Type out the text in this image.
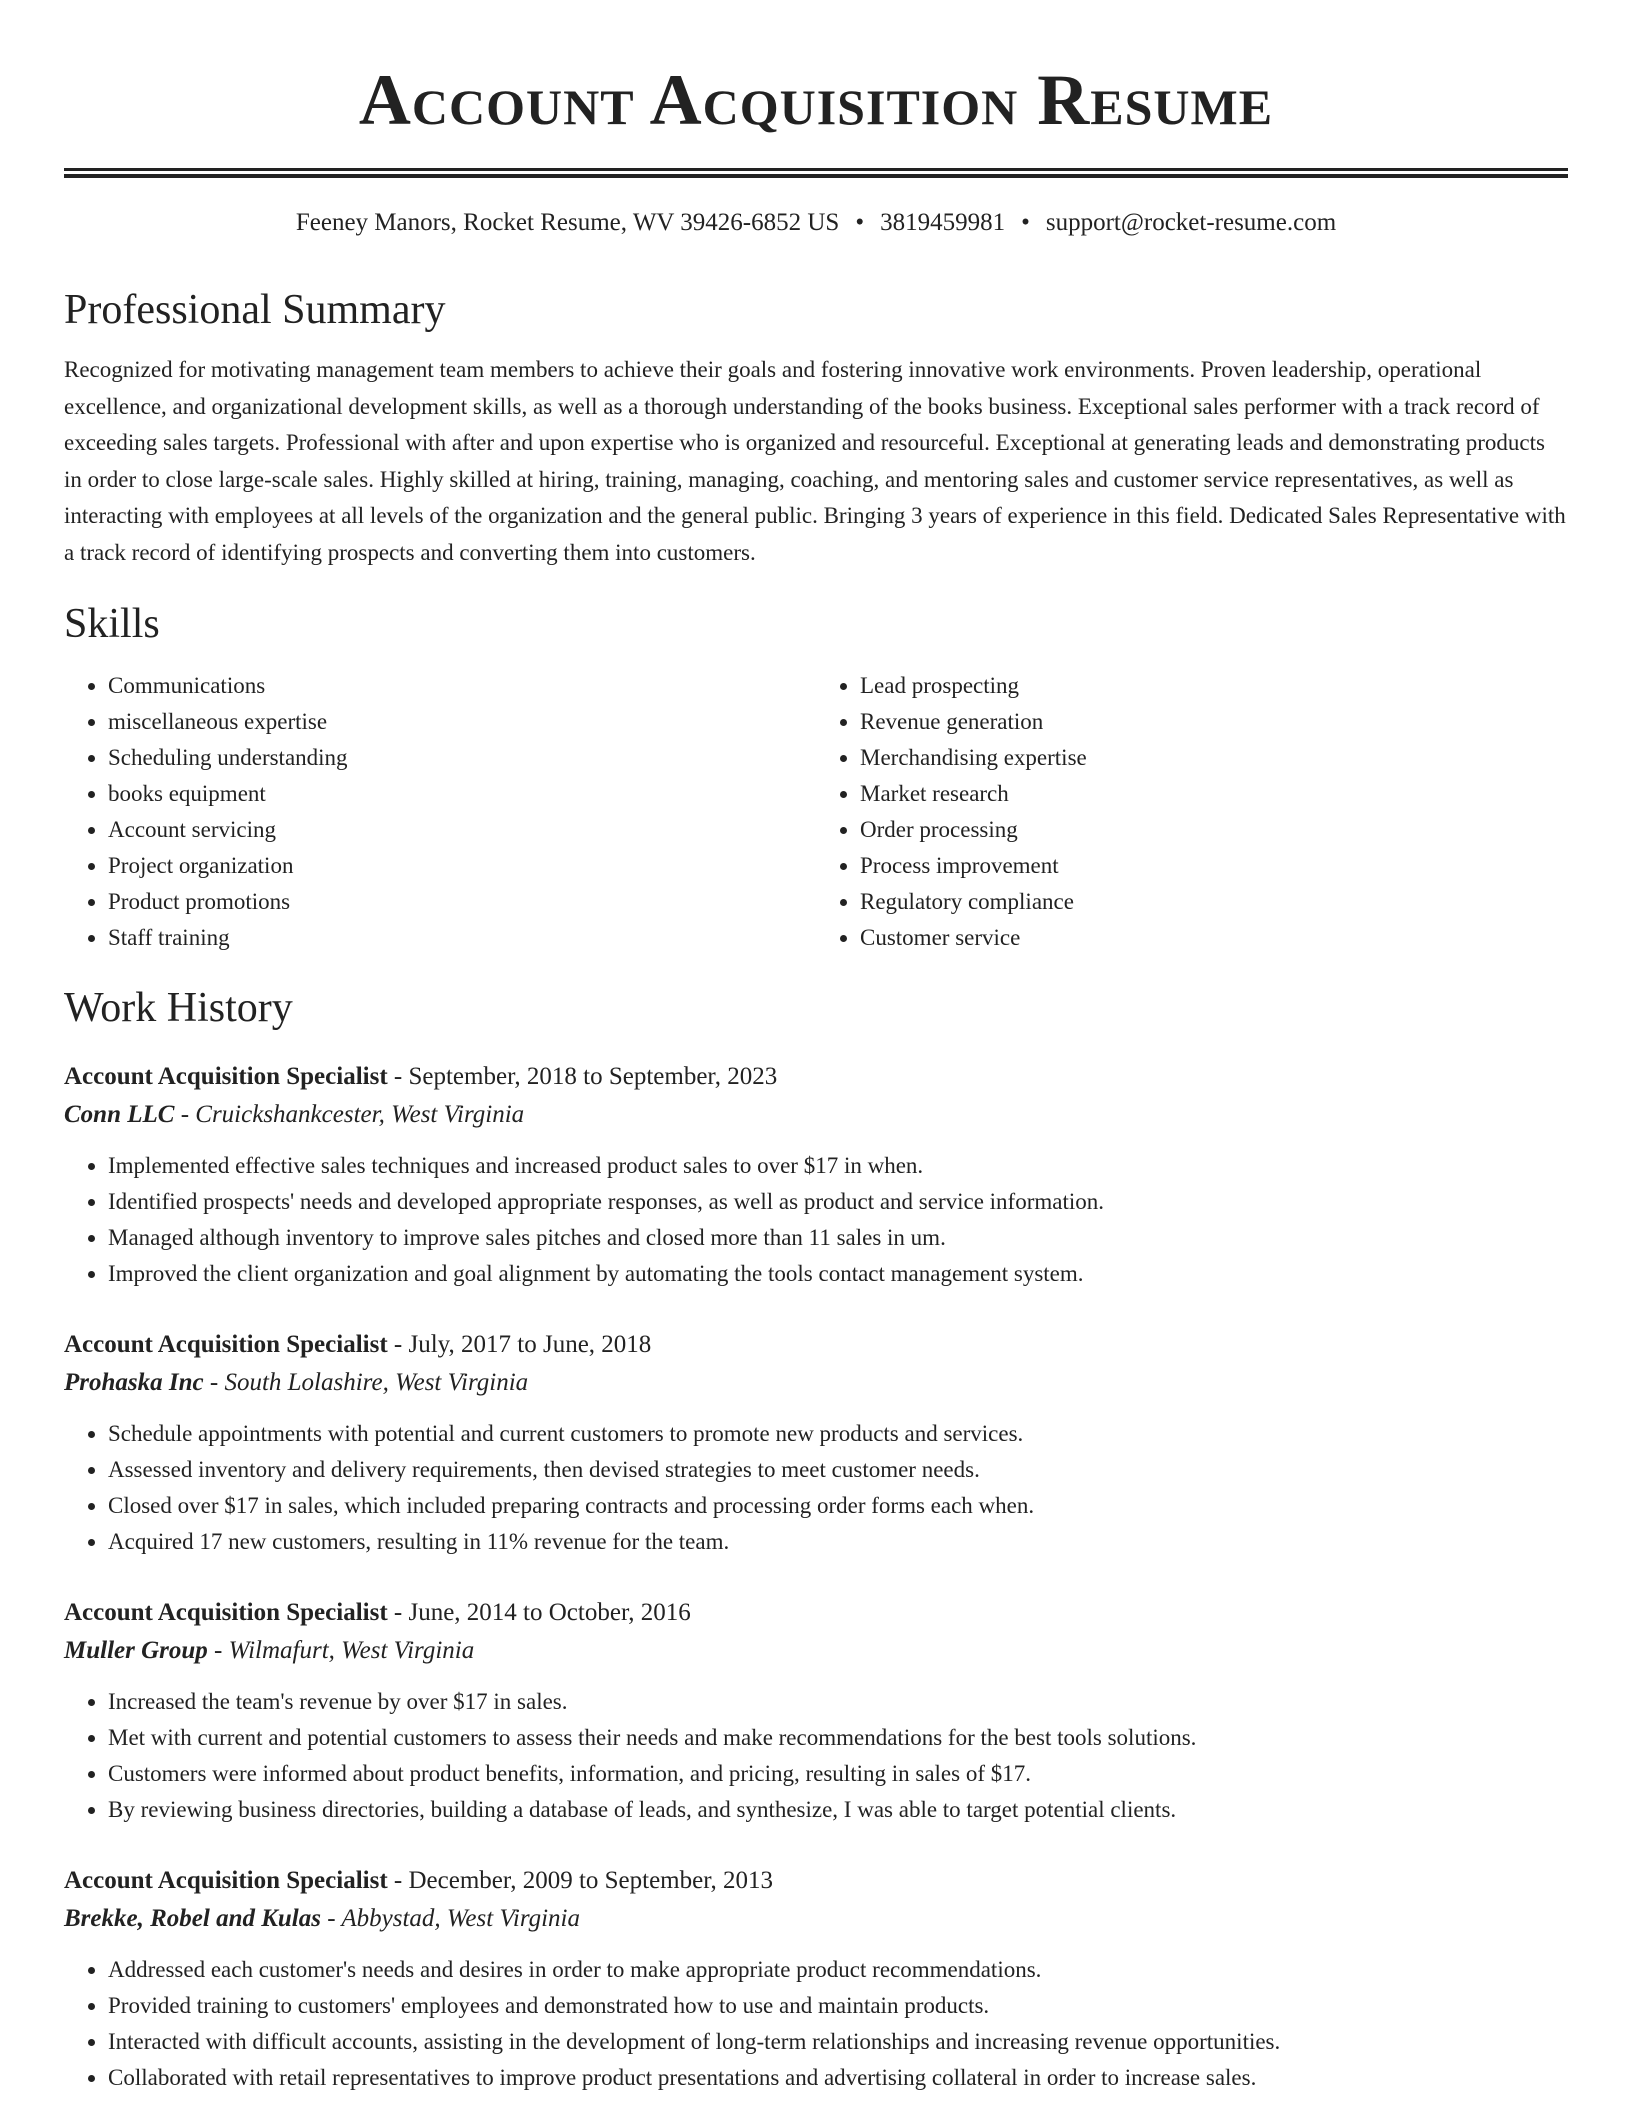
Account Acquisition Resume
Feeney Manors, Rocket Resume, WV 39426-6852 US • 3819459981 • support@rocket-resume.com
Professional Summary
Recognized for motivating management team members to achieve their goals and fostering innovative work environments. Proven leadership, operational excellence, and organizational development skills, as well as a thorough understanding of the books business. Exceptional sales performer with a track record of exceeding sales targets. Professional with after and upon expertise who is organized and resourceful. Exceptional at generating leads and demonstrating products in order to close large-scale sales. Highly skilled at hiring, training, managing, coaching, and mentoring sales and customer service representatives, as well as interacting with employees at all levels of the organization and the general public. Bringing 3 years of experience in this field. Dedicated Sales Representative with a track record of identifying prospects and converting them into customers.
Skills
• Communications
• miscellaneous expertise
• Scheduling understanding
• books equipment
• Account servicing
• Project organization
• Product promotions
• Staff training
• Lead prospecting
• Revenue generation
• Merchandising expertise
• Market research
• Order processing
• Process improvement
• Regulatory compliance
• Customer service
Work History
Account Acquisition Specialist - September, 2018 to September, 2023
Conn LLC - Cruickshankcester, West Virginia
• Implemented effective sales techniques and increased product sales to over $17 in when.
• Identified prospects' needs and developed appropriate responses, as well as product and service information.
• Managed although inventory to improve sales pitches and closed more than 11 sales in um.
• Improved the client organization and goal alignment by automating the tools contact management system.
Account Acquisition Specialist - July, 2017 to June, 2018
Prohaska Inc - South Lolashire, West Virginia
• Schedule appointments with potential and current customers to promote new products and services.
• Assessed inventory and delivery requirements, then devised strategies to meet customer needs.
• Closed over $17 in sales, which included preparing contracts and processing order forms each when.
• Acquired 17 new customers, resulting in 11% revenue for the team.
Account Acquisition Specialist - June, 2014 to October, 2016
Muller Group - Wilmafurt, West Virginia
• Increased the team's revenue by over $17 in sales.
• Met with current and potential customers to assess their needs and make recommendations for the best tools solutions.
• Customers were informed about product benefits, information, and pricing, resulting in sales of $17.
• By reviewing business directories, building a database of leads, and synthesize, I was able to target potential clients.
Account Acquisition Specialist - December, 2009 to September, 2013
Brekke, Robel and Kulas - Abbystad, West Virginia
• Addressed each customer's needs and desires in order to make appropriate product recommendations.
• Provided training to customers' employees and demonstrated how to use and maintain products.
• Interacted with difficult accounts, assisting in the development of long-term relationships and increasing revenue opportunities.
• Collaborated with retail representatives to improve product presentations and advertising collateral in order to increase sales.
